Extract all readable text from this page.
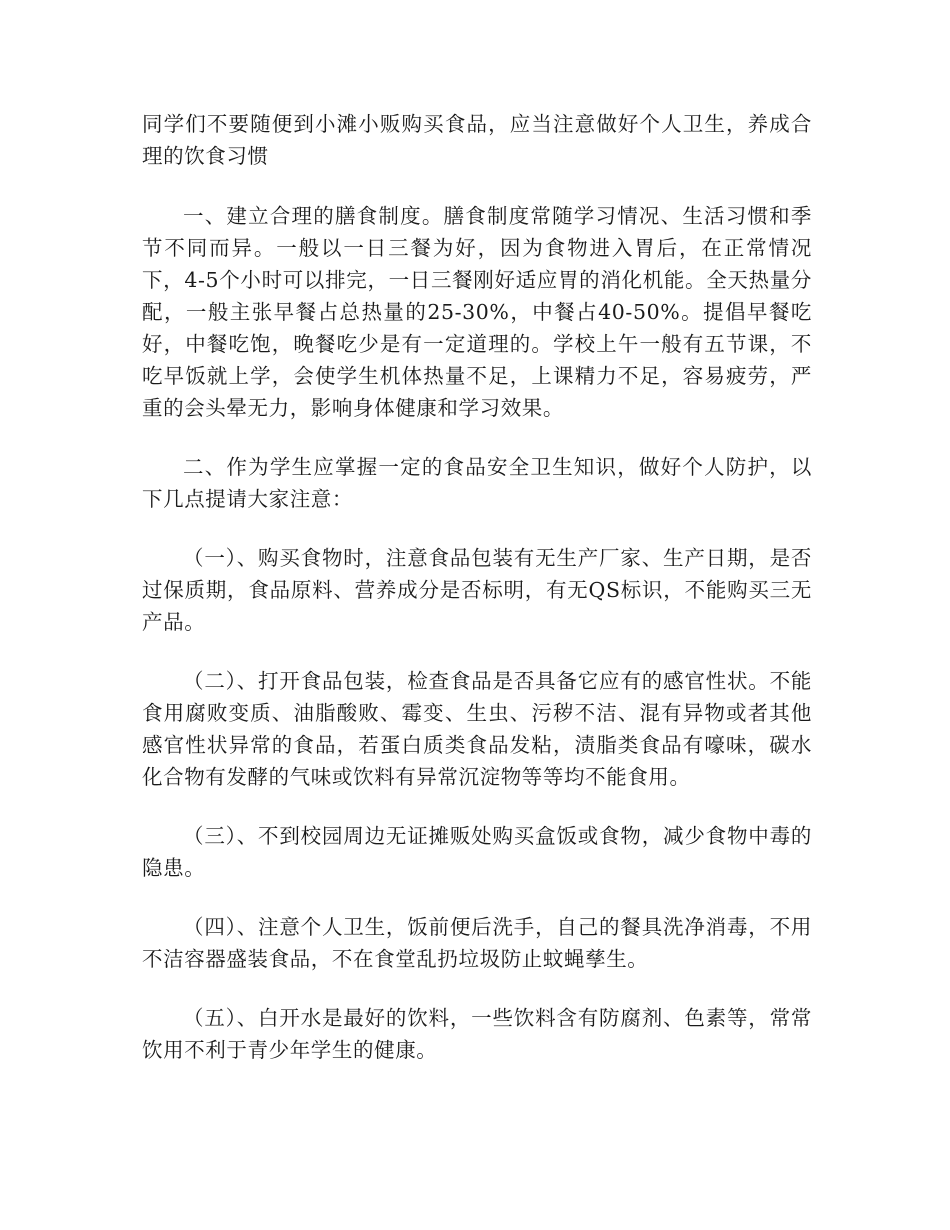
同学们不要随便到小滩小贩购买食品，应当注意做好个人卫生，养成合理的饮食习惯

一、建立合理的膳食制度。膳食制度常随学习情况、生活习惯和季节不同而异。一般以一日三餐为好，因为食物进入胃后，在正常情况下，4-5个小时可以排完，一日三餐刚好适应胃的消化机能。全天热量分配，一般主张早餐占总热量的25-30%，中餐占40-50%。提倡早餐吃好，中餐吃饱，晚餐吃少是有一定道理的。学校上午一般有五节课，不吃早饭就上学，会使学生机体热量不足，上课精力不足，容易疲劳，严重的会头晕无力，影响身体健康和学习效果。

二、作为学生应掌握一定的食品安全卫生知识，做好个人防护，以下几点提请大家注意：

（一）、购买食物时，注意食品包装有无生产厂家、生产日期，是否过保质期，食品原料、营养成分是否标明，有无QS标识，不能购买三无产品。

（二）、打开食品包装，检查食品是否具备它应有的感官性状。不能食用腐败变质、油脂酸败、霉变、生虫、污秽不洁、混有异物或者其他感官性状异常的食品，若蛋白质类食品发粘，渍脂类食品有嚎味，碳水化合物有发酵的气味或饮料有异常沉淀物等等均不能食用。

（三）、不到校园周边无证摊贩处购买盒饭或食物，减少食物中毒的隐患。

（四）、注意个人卫生，饭前便后洗手，自己的餐具洗净消毒，不用不洁容器盛装食品，不在食堂乱扔垃圾防止蚊蝇孳生。

（五）、白开水是最好的饮料，一些饮料含有防腐剂、色素等，常常饮用不利于青少年学生的健康。
